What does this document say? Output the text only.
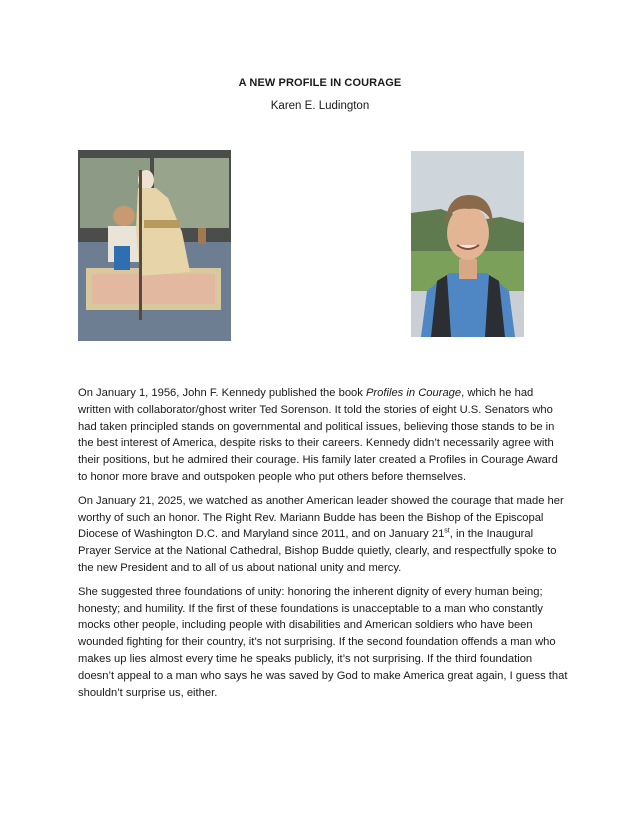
A NEW PROFILE IN COURAGE
Karen E. Ludington

On January 1, 1956, John F. Kennedy published the book Profiles in Courage, which he had written with collaborator/ghost writer Ted Sorenson. It told the stories of eight U.S. Senators who had taken principled stands on governmental and political issues, believing those stands to be in the best interest of America, despite risks to their careers. Kennedy didn’t necessarily agree with their positions, but he admired their courage. His family later created a Profiles in Courage Award to honor more brave and outspoken people who put others before themselves.

On January 21, 2025, we watched as another American leader showed the courage that made her worthy of such an honor. The Right Rev. Mariann Budde has been the Bishop of the Episcopal Diocese of Washington D.C. and Maryland since 2011, and on January 21st, in the Inaugural Prayer Service at the National Cathedral, Bishop Budde quietly, clearly, and respectfully spoke to the new President and to all of us about national unity and mercy.

She suggested three foundations of unity: honoring the inherent dignity of every human being; honesty; and humility. If the first of these foundations is unacceptable to a man who constantly mocks other people, including people with disabilities and American soldiers who have been wounded fighting for their country, it’s not surprising. If the second foundation offends a man who makes up lies almost every time he speaks publicly, it’s not surprising. If the third foundation doesn’t appeal to a man who says he was saved by God to make America great again, I guess that shouldn’t surprise us, either.
